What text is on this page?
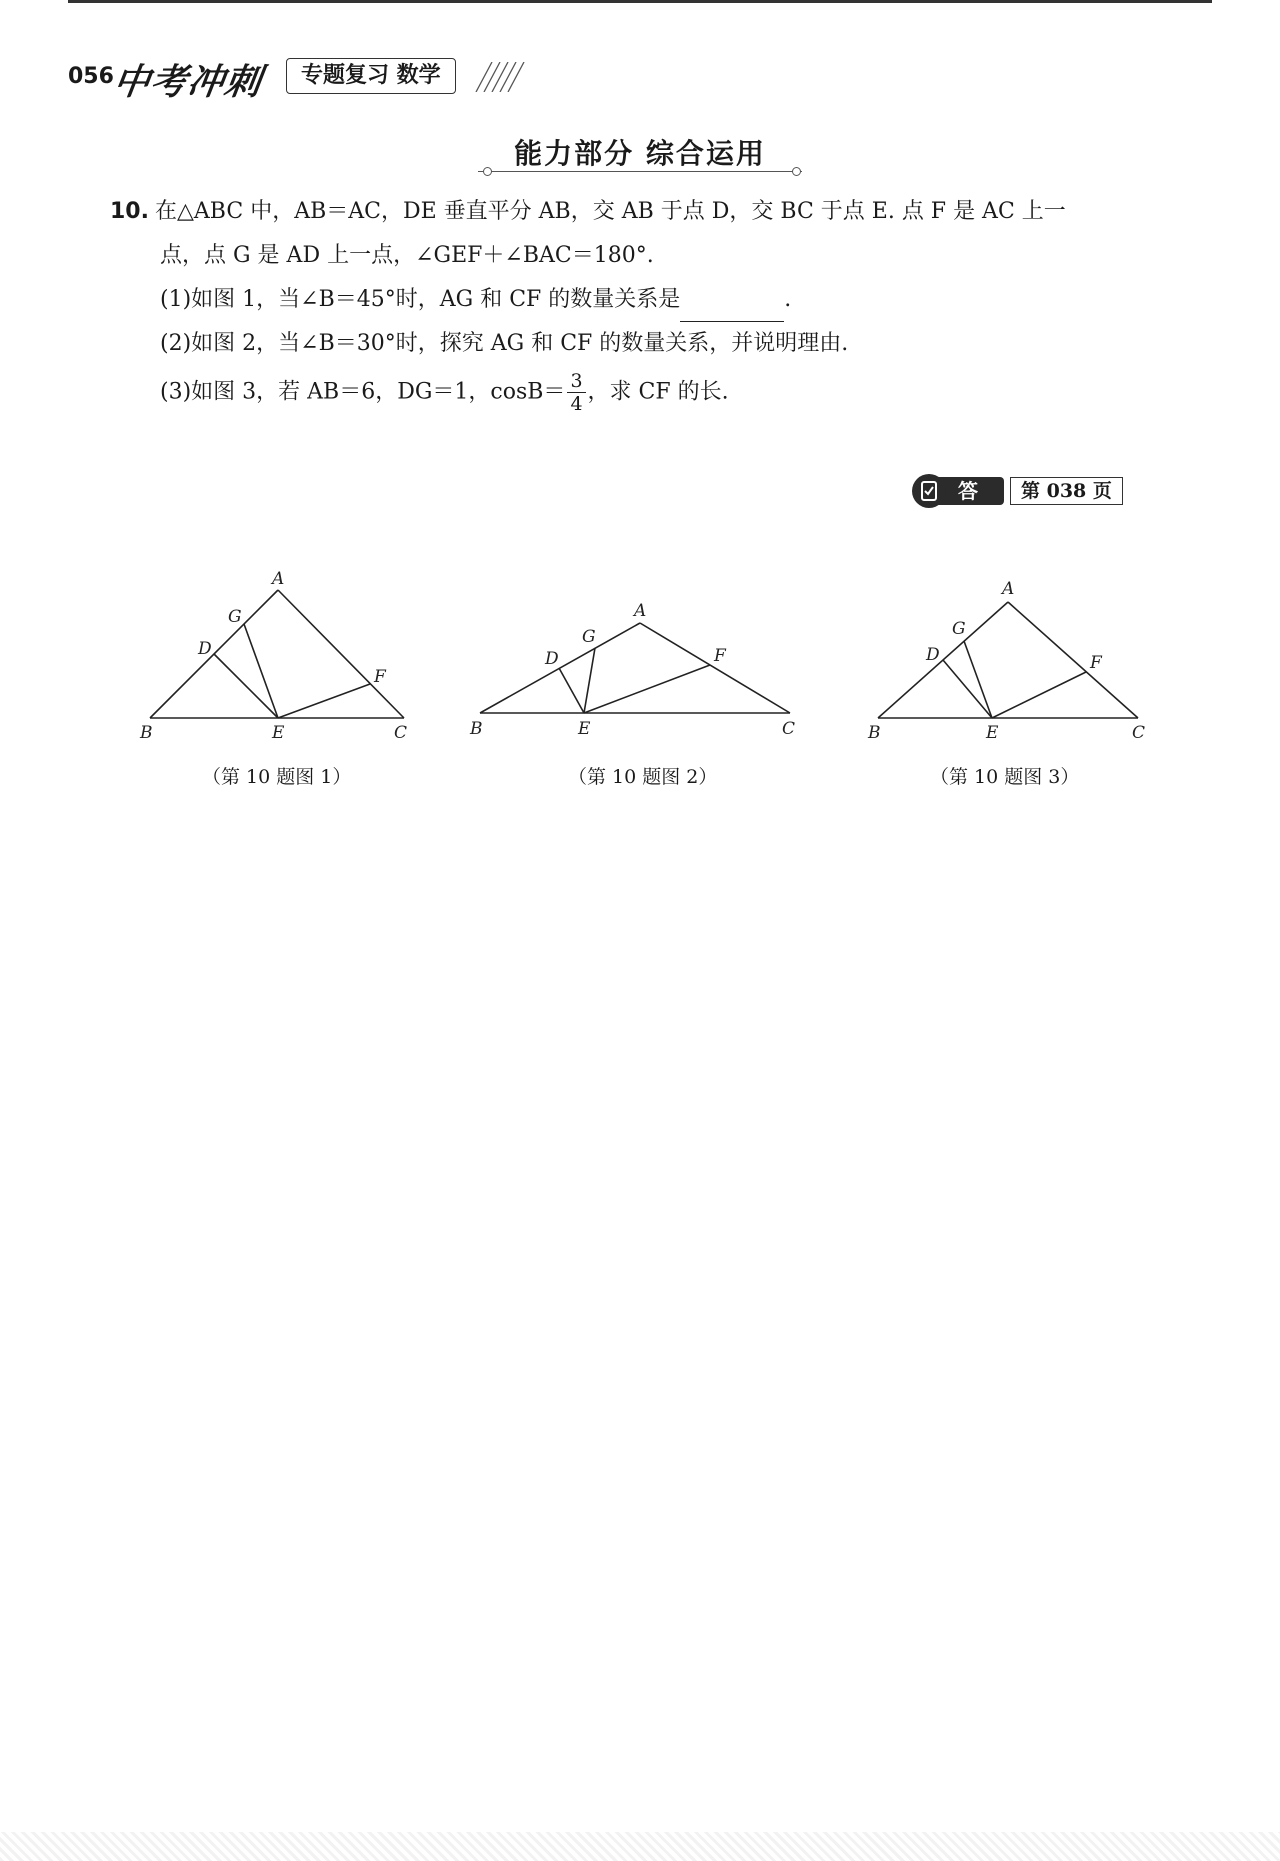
056
中考冲刺	专题复习 数学
能力部分 综合运用
10. 在△ABC 中，AB＝AC，DE 垂直平分 AB，交 AB 于点 D，交 BC 于点 E. 点 F 是 AC 上一
点，点 G 是 AD 上一点，∠GEF＋∠BAC＝180°.
(1)如图 1，当∠B＝45°时，AG 和 CF 的数量关系是	.
(2)如图 2，当∠B＝30°时，探究 AG 和 CF 的数量关系，并说明理由.
(3)如图 3，若 AB＝6，DG＝1，$\cos B= \frac{3}{4}$ ，求 CF 的长.
答案
第 038 页
A
B	C
D
E
F
G
（第 10 题图 1）
A
B	C
D
E
F
G
（第 10 题图 2）
A
B	C
D
E
F
G
（第 10 题图 3）
